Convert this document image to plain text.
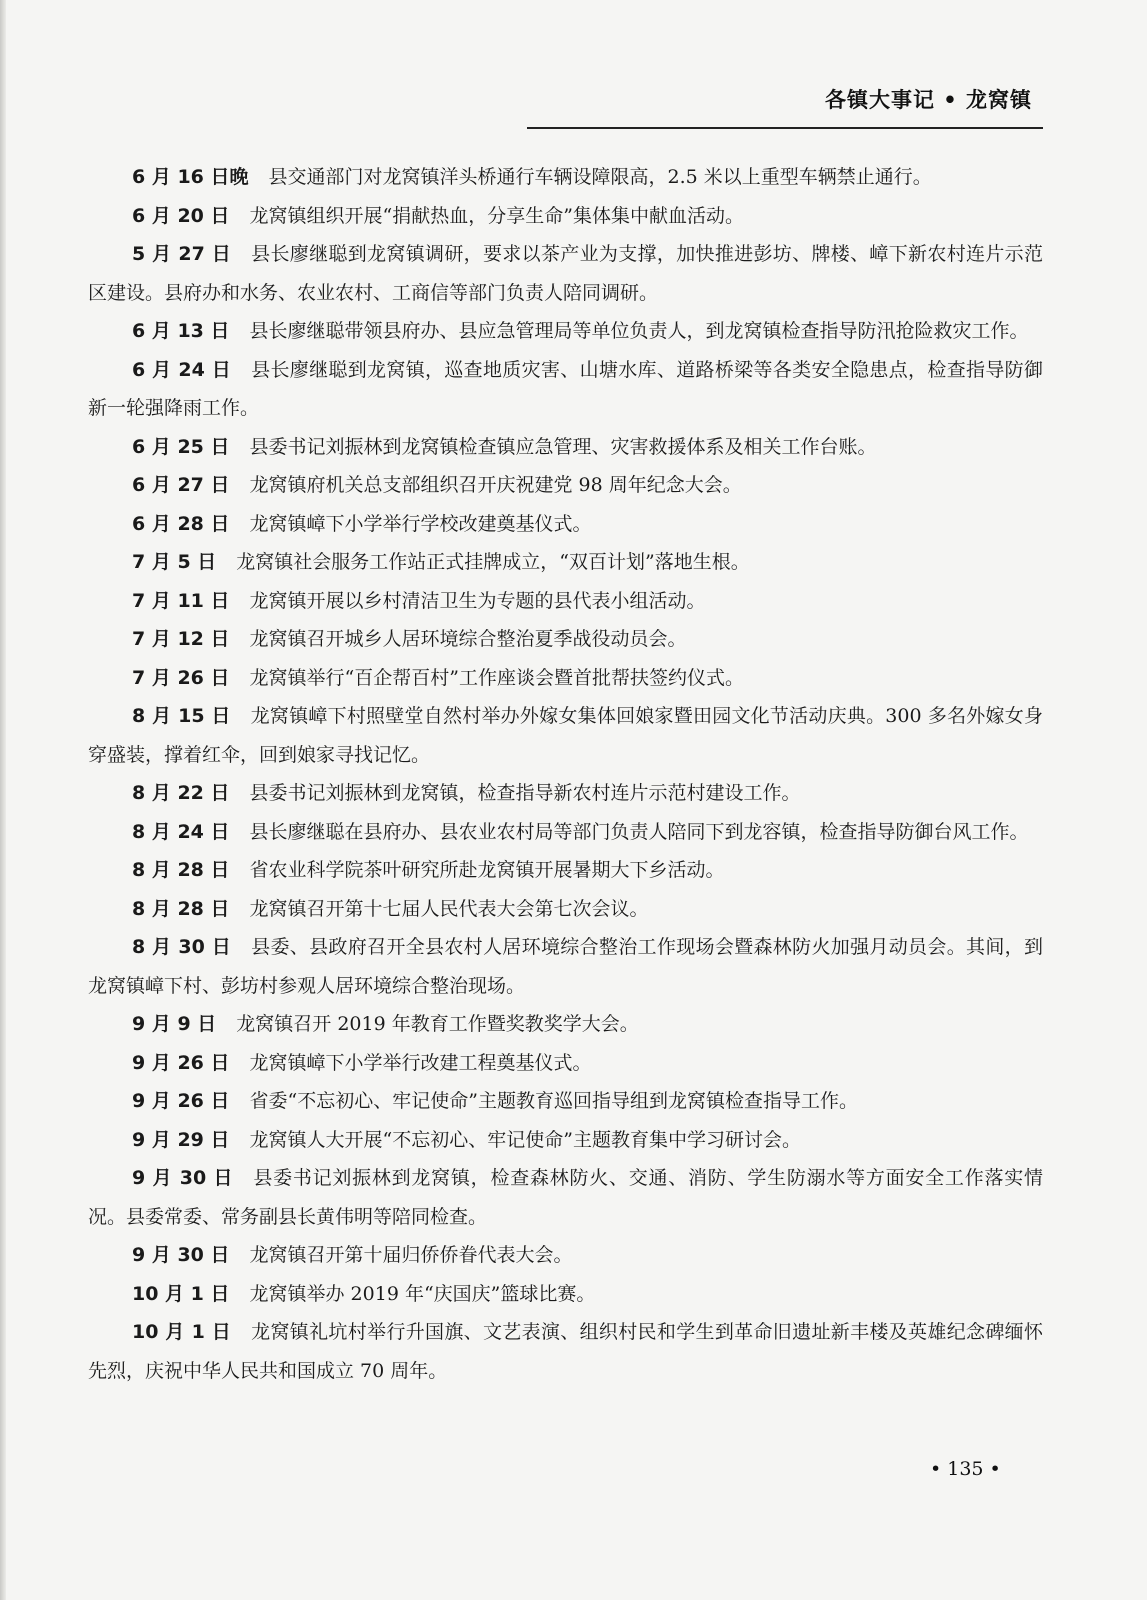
各镇大事记 • 龙窝镇

6 月 16 日晚 县交通部门对龙窝镇洋头桥通行车辆设障限高，2.5 米以上重型车辆禁止通行。

6 月 20 日 龙窝镇组织开展“捐献热血，分享生命”集体集中献血活动。

5 月 27 日 县长廖继聪到龙窝镇调研，要求以茶产业为支撑，加快推进彭坊、牌楼、嶂下新农村连片示范区建设。县府办和水务、农业农村、工商信等部门负责人陪同调研。

6 月 13 日 县长廖继聪带领县府办、县应急管理局等单位负责人，到龙窝镇检查指导防汛抢险救灾工作。

6 月 24 日 县长廖继聪到龙窝镇，巡查地质灾害、山塘水库、道路桥梁等各类安全隐患点，检查指导防御新一轮强降雨工作。

6 月 25 日 县委书记刘振林到龙窝镇检查镇应急管理、灾害救援体系及相关工作台账。

6 月 27 日 龙窝镇府机关总支部组织召开庆祝建党 98 周年纪念大会。

6 月 28 日 龙窝镇嶂下小学举行学校改建奠基仪式。

7 月 5 日 龙窝镇社会服务工作站正式挂牌成立，“双百计划”落地生根。

7 月 11 日 龙窝镇开展以乡村清洁卫生为专题的县代表小组活动。

7 月 12 日 龙窝镇召开城乡人居环境综合整治夏季战役动员会。

7 月 26 日 龙窝镇举行“百企帮百村”工作座谈会暨首批帮扶签约仪式。

8 月 15 日 龙窝镇嶂下村照壁堂自然村举办外嫁女集体回娘家暨田园文化节活动庆典。300 多名外嫁女身穿盛装，撑着红伞，回到娘家寻找记忆。

8 月 22 日 县委书记刘振林到龙窝镇，检查指导新农村连片示范村建设工作。

8 月 24 日 县长廖继聪在县府办、县农业农村局等部门负责人陪同下到龙容镇，检查指导防御台风工作。

8 月 28 日 省农业科学院茶叶研究所赴龙窝镇开展暑期大下乡活动。

8 月 28 日 龙窝镇召开第十七届人民代表大会第七次会议。

8 月 30 日 县委、县政府召开全县农村人居环境综合整治工作现场会暨森林防火加强月动员会。其间，到龙窝镇嶂下村、彭坊村参观人居环境综合整治现场。

9 月 9 日 龙窝镇召开 2019 年教育工作暨奖教奖学大会。

9 月 26 日 龙窝镇嶂下小学举行改建工程奠基仪式。

9 月 26 日 省委“不忘初心、牢记使命”主题教育巡回指导组到龙窝镇检查指导工作。

9 月 29 日 龙窝镇人大开展“不忘初心、牢记使命”主题教育集中学习研讨会。

9 月 30 日 县委书记刘振林到龙窝镇，检查森林防火、交通、消防、学生防溺水等方面安全工作落实情况。县委常委、常务副县长黄伟明等陪同检查。

9 月 30 日 龙窝镇召开第十届归侨侨眷代表大会。

10 月 1 日 龙窝镇举办 2019 年“庆国庆”篮球比赛。

10 月 1 日 龙窝镇礼坑村举行升国旗、文艺表演、组织村民和学生到革命旧遗址新丰楼及英雄纪念碑缅怀先烈，庆祝中华人民共和国成立 70 周年。

• 135 •
